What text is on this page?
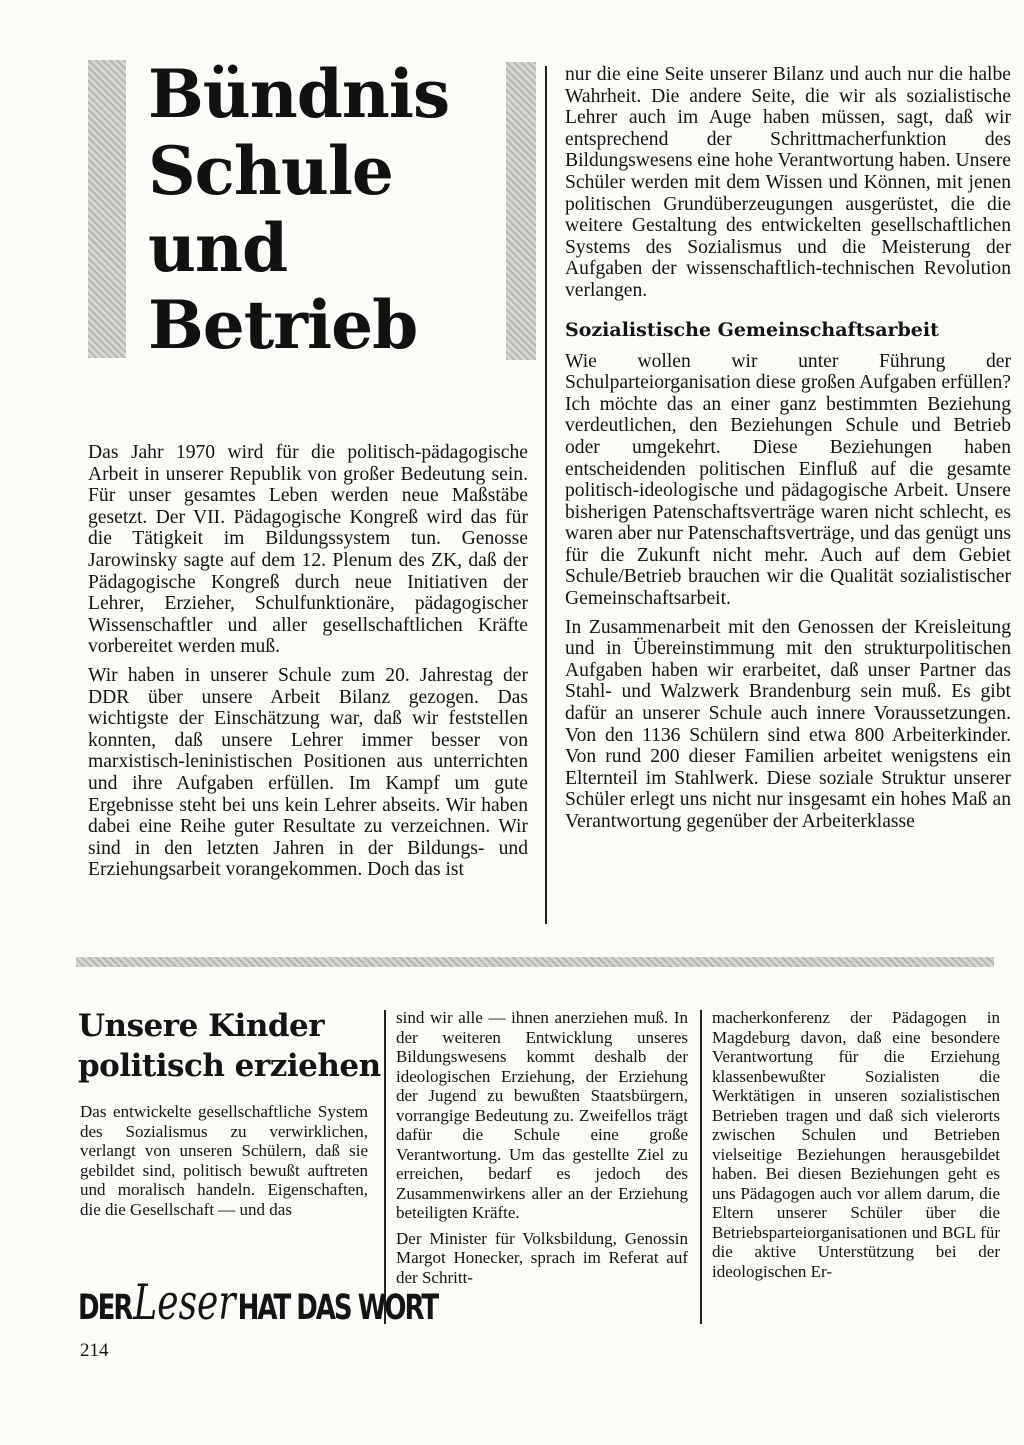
Bündnis
Schule
und
Betrieb

Das Jahr 1970 wird für die politisch-pädagogische Arbeit in unserer Republik von großer Bedeutung sein. Für unser gesamtes Leben werden neue Maßstäbe gesetzt. Der VII. Pädagogische Kongreß wird das für die Tätigkeit im Bildungssystem tun. Genosse Jarowinsky sagte auf dem 12. Plenum des ZK, daß der Pädagogische Kongreß durch neue Initiativen der Lehrer, Erzieher, Schulfunktionäre, pädagogischer Wissenschaftler und aller gesellschaftlichen Kräfte vorbereitet werden muß.

Wir haben in unserer Schule zum 20. Jahrestag der DDR über unsere Arbeit Bilanz gezogen. Das wichtigste der Einschätzung war, daß wir feststellen konnten, daß unsere Lehrer immer besser von marxistisch-leninistischen Positionen aus unterrichten und ihre Aufgaben erfüllen. Im Kampf um gute Ergebnisse steht bei uns kein Lehrer abseits. Wir haben dabei eine Reihe guter Resultate zu verzeichnen. Wir sind in den letzten Jahren in der Bildungs- und Erziehungsarbeit vorangekommen. Doch das ist

nur die eine Seite unserer Bilanz und auch nur die halbe Wahrheit. Die andere Seite, die wir als sozialistische Lehrer auch im Auge haben müssen, sagt, daß wir entsprechend der Schrittmacherfunktion des Bildungswesens eine hohe Verantwortung haben. Unsere Schüler werden mit dem Wissen und Können, mit jenen politischen Grundüberzeugungen ausgerüstet, die die weitere Gestaltung des entwickelten gesellschaftlichen Systems des Sozialismus und die Meisterung der Aufgaben der wissenschaftlich-technischen Revolution verlangen.

Sozialistische Gemeinschaftsarbeit

Wie wollen wir unter Führung der Schulparteiorganisation diese großen Aufgaben erfüllen? Ich möchte das an einer ganz bestimmten Beziehung verdeutlichen, den Beziehungen Schule und Betrieb oder umgekehrt. Diese Beziehungen haben entscheidenden politischen Einfluß auf die gesamte politisch-ideologische und pädagogische Arbeit. Unsere bisherigen Patenschaftsverträge waren nicht schlecht, es waren aber nur Patenschaftsverträge, und das genügt uns für die Zukunft nicht mehr. Auch auf dem Gebiet Schule/Betrieb brauchen wir die Qualität sozialistischer Gemeinschaftsarbeit.

In Zusammenarbeit mit den Genossen der Kreisleitung und in Übereinstimmung mit den strukturpolitischen Aufgaben haben wir erarbeitet, daß unser Partner das Stahl- und Walzwerk Brandenburg sein muß. Es gibt dafür an unserer Schule auch innere Voraussetzungen. Von den 1136 Schülern sind etwa 800 Arbeiterkinder. Von rund 200 dieser Familien arbeitet wenigstens ein Elternteil im Stahlwerk. Diese soziale Struktur unserer Schüler erlegt uns nicht nur insgesamt ein hohes Maß an Verantwortung gegenüber der Arbeiterklasse

Unsere Kinder
politisch erziehen

Das entwickelte gesellschaftliche System des Sozialismus zu verwirklichen, verlangt von unseren Schülern, daß sie gebildet sind, politisch bewußt auftreten und moralisch handeln. Eigenschaften, die die Gesellschaft — und das

sind wir alle — ihnen anerziehen muß. In der weiteren Entwicklung unseres Bildungswesens kommt deshalb der ideologischen Erziehung, der Erziehung der Jugend zu bewußten Staatsbürgern, vorrangige Bedeutung zu. Zweifellos trägt dafür die Schule eine große Verantwortung. Um das gestellte Ziel zu erreichen, bedarf es jedoch des Zusammenwirkens aller an der Erziehung beteiligten Kräfte.

Der Minister für Volksbildung, Genossin Margot Honecker, sprach im Referat auf der Schritt-

macherkonferenz der Pädagogen in Magdeburg davon, daß eine besondere Verantwortung für die Erziehung klassenbewußter Sozialisten die Werktätigen in unseren sozialistischen Betrieben tragen und daß sich vielerorts zwischen Schulen und Betrieben vielseitige Beziehungen herausgebildet haben. Bei diesen Beziehungen geht es uns Pädagogen auch vor allem darum, die Eltern unserer Schüler über die Betriebsparteiorganisationen und BGL für die aktive Unterstützung bei der ideologischen Er-

DERLeserHAT DAS WORT
214
